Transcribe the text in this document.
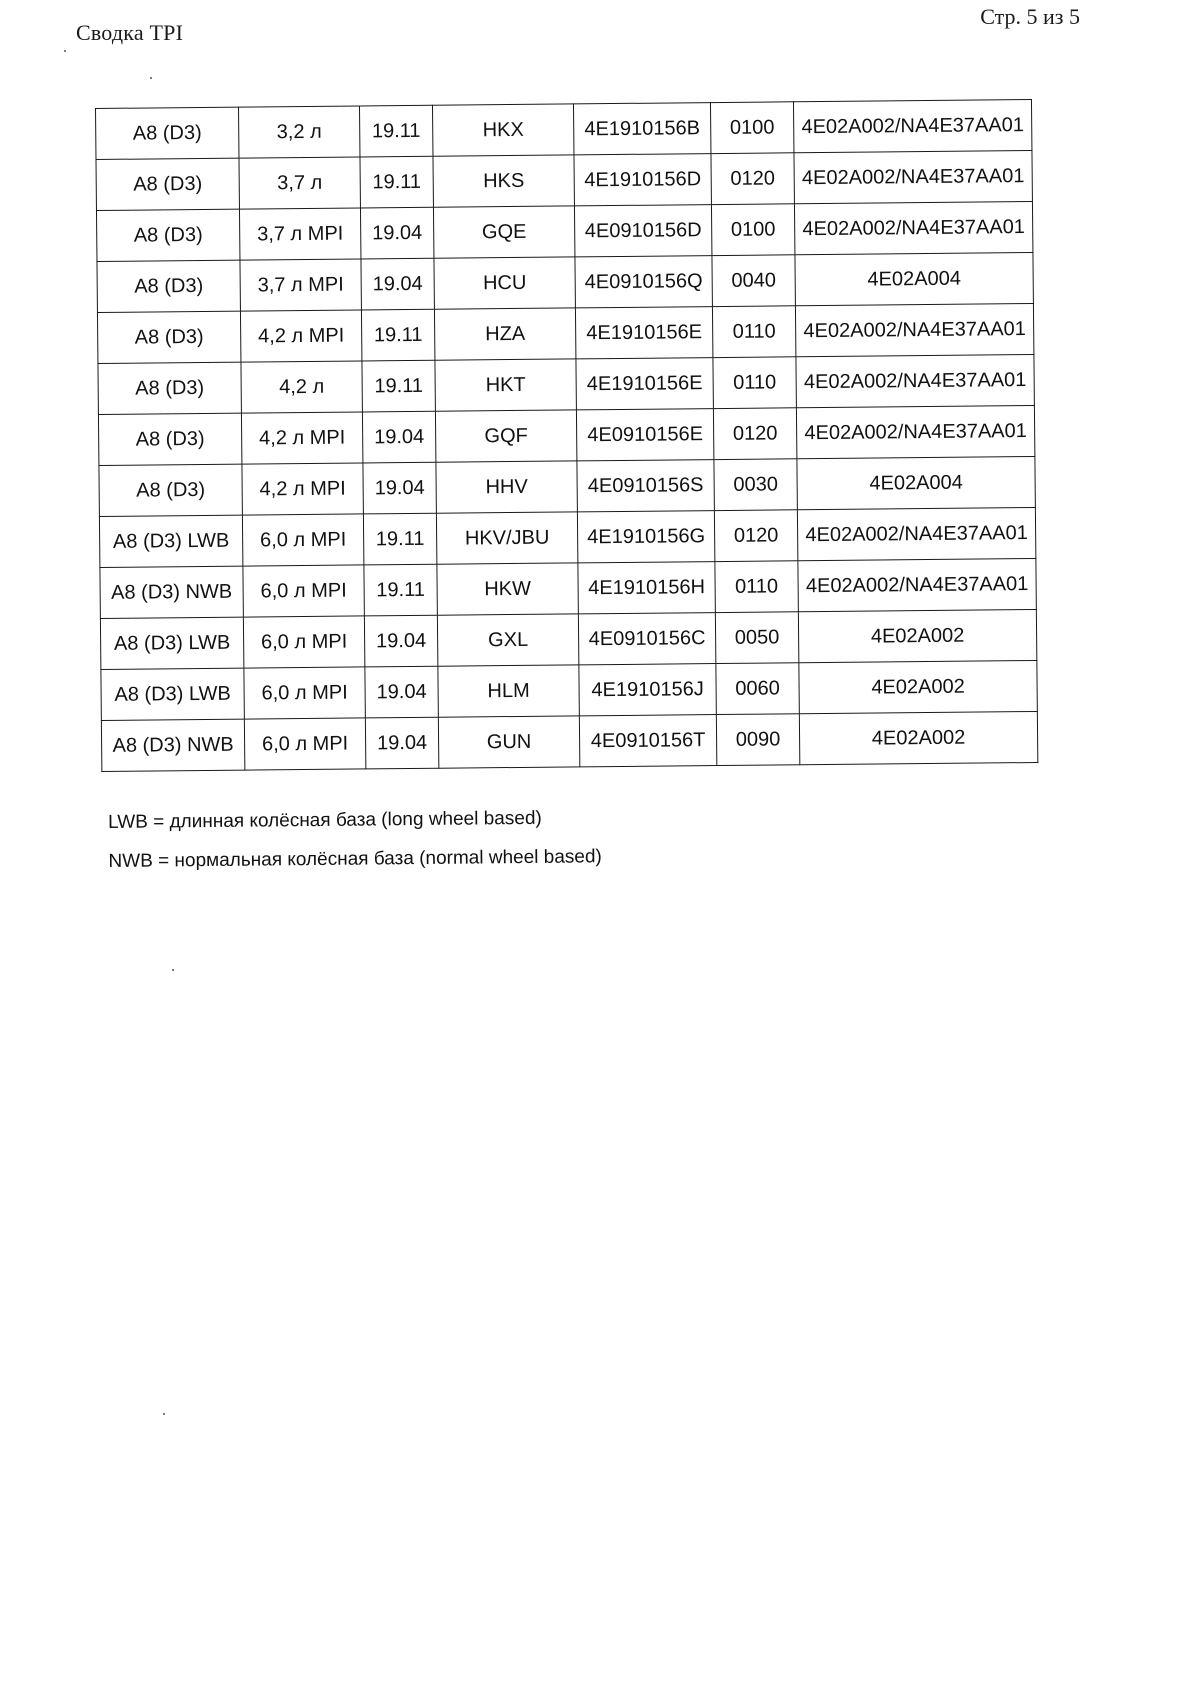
Сводка TPI
Стр. 5 из 5
A8 (D3)	3,2 л	19.11	HKX	4E1910156B	0100	4E02A002/NA4E37AA01
A8 (D3)	3,7 л	19.11	HKS	4E1910156D	0120	4E02A002/NA4E37AA01
A8 (D3)	3,7 л MPI	19.04	GQE	4E0910156D	0100	4E02A002/NA4E37AA01
A8 (D3)	3,7 л MPI	19.04	HCU	4E0910156Q	0040	4E02A004
A8 (D3)	4,2 л MPI	19.11	HZA	4E1910156E	0110	4E02A002/NA4E37AA01
A8 (D3)	4,2 л	19.11	HKT	4E1910156E	0110	4E02A002/NA4E37AA01
A8 (D3)	4,2 л MPI	19.04	GQF	4E0910156E	0120	4E02A002/NA4E37AA01
A8 (D3)	4,2 л MPI	19.04	HHV	4E0910156S	0030	4E02A004
A8 (D3) LWB	6,0 л MPI	19.11	HKV/JBU	4E1910156G	0120	4E02A002/NA4E37AA01
A8 (D3) NWB	6,0 л MPI	19.11	HKW	4E1910156H	0110	4E02A002/NA4E37AA01
A8 (D3) LWB	6,0 л MPI	19.04	GXL	4E0910156C	0050	4E02A002
A8 (D3) LWB	6,0 л MPI	19.04	HLM	4E1910156J	0060	4E02A002
A8 (D3) NWB	6,0 л MPI	19.04	GUN	4E0910156T	0090	4E02A002
LWB = длинная колёсная база (long wheel based)
NWB = нормальная колёсная база (normal wheel based)
